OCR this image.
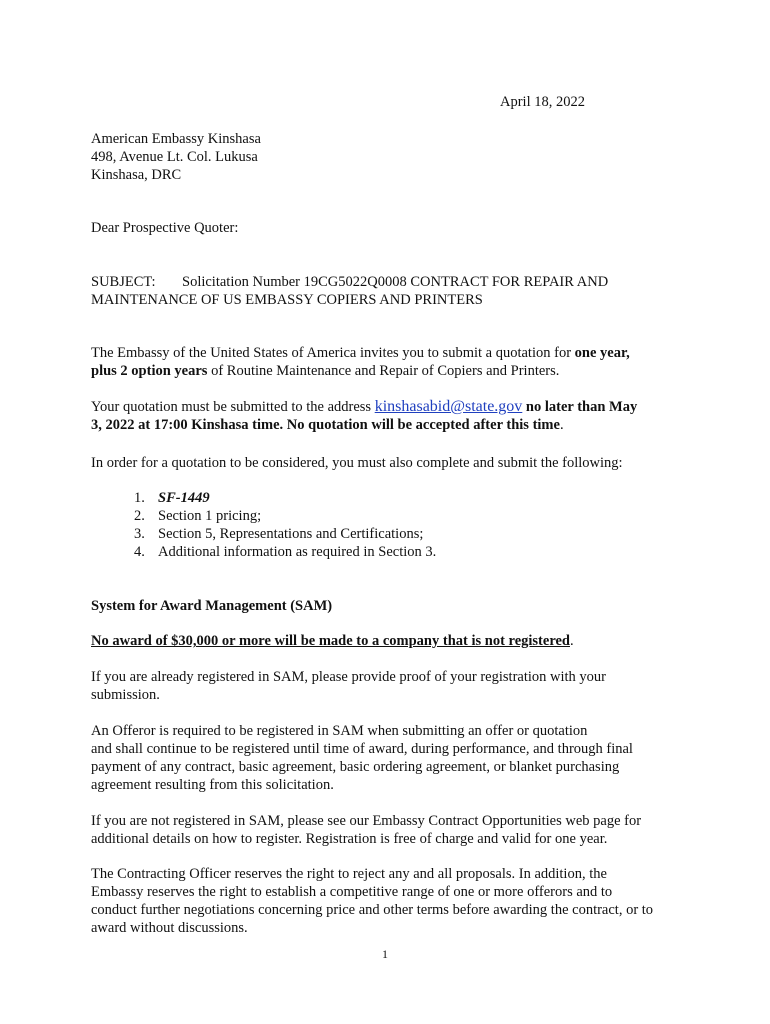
April 18, 2022
American Embassy Kinshasa
498, Avenue Lt. Col. Lukusa
Kinshasa, DRC
Dear Prospective Quoter:
SUBJECT: Solicitation Number 19CG5022Q0008 CONTRACT FOR REPAIR AND
MAINTENANCE OF US EMBASSY COPIERS AND PRINTERS
The Embassy of the United States of America invites you to submit a quotation for one year,
plus 2 option years of Routine Maintenance and Repair of Copiers and Printers.
Your quotation must be submitted to the address kinshasabid@state.gov no later than May
3, 2022 at 17:00 Kinshasa time. No quotation will be accepted after this time.
In order for a quotation to be considered, you must also complete and submit the following:
1. SF-1449
2. Section 1 pricing;
3. Section 5, Representations and Certifications;
4. Additional information as required in Section 3.
System for Award Management (SAM)
No award of $30,000 or more will be made to a company that is not registered.
If you are already registered in SAM, please provide proof of your registration with your
submission.
An Offeror is required to be registered in SAM when submitting an offer or quotation
and shall continue to be registered until time of award, during performance, and through final
payment of any contract, basic agreement, basic ordering agreement, or blanket purchasing
agreement resulting from this solicitation.
If you are not registered in SAM, please see our Embassy Contract Opportunities web page for
additional details on how to register. Registration is free of charge and valid for one year.
The Contracting Officer reserves the right to reject any and all proposals. In addition, the
Embassy reserves the right to establish a competitive range of one or more offerors and to
conduct further negotiations concerning price and other terms before awarding the contract, or to
award without discussions.
1
